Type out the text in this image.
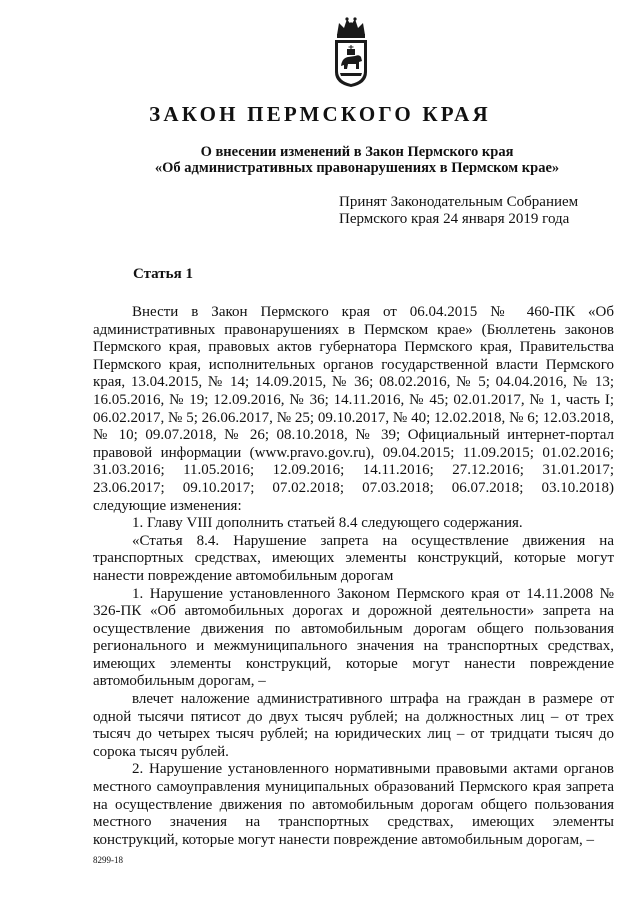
ЗАКОН ПЕРМСКОГО КРАЯ
О внесении изменений в Закон Пермского края
«Об административных правонарушениях в Пермском крае»
Принят Законодательным Собранием
Пермского края 24 января 2019 года
Статья 1

Внести в Закон Пермского края от 06.04.2015 № 460-ПК «Об административных правонарушениях в Пермском крае» (Бюллетень законов Пермского края, правовых актов губернатора Пермского края, Правительства Пермского края, исполнительных органов государственной власти Пермского края, 13.04.2015, № 14; 14.09.2015, № 36; 08.02.2016, № 5; 04.04.2016, № 13; 16.05.2016, № 19; 12.09.2016, № 36; 14.11.2016, № 45; 02.01.2017, № 1, часть I; 06.02.2017, № 5; 26.06.2017, № 25; 09.10.2017, № 40; 12.02.2018, № 6; 12.03.2018, № 10; 09.07.2018, № 26; 08.10.2018, № 39; Официальный интернет-портал правовой информации (www.pravo.gov.ru), 09.04.2015; 11.09.2015; 01.02.2016; 31.03.2016; 11.05.2016; 12.09.2016; 14.11.2016; 27.12.2016; 31.01.2017; 23.06.2017; 09.10.2017; 07.02.2018; 07.03.2018; 06.07.2018; 03.10.2018) следующие изменения:

1. Главу VIII дополнить статьей 8.4 следующего содержания.

«Статья 8.4. Нарушение запрета на осуществление движения на транспортных средствах, имеющих элементы конструкций, которые могут нанести повреждение автомобильным дорогам

1. Нарушение установленного Законом Пермского края от 14.11.2008 № 326-ПК «Об автомобильных дорогах и дорожной деятельности» запрета на осуществление движения по автомобильным дорогам общего пользования регионального и межмуниципального значения на транспортных средствах, имеющих элементы конструкций, которые могут нанести повреждение автомобильным дорогам, –

влечет наложение административного штрафа на граждан в размере от одной тысячи пятисот до двух тысяч рублей; на должностных лиц – от трех тысяч до четырех тысяч рублей; на юридических лиц – от тридцати тысяч до сорока тысяч рублей.

2. Нарушение установленного нормативными правовыми актами органов местного самоуправления муниципальных образований Пермского края запрета на осуществление движения по автомобильным дорогам общего пользования местного значения на транспортных средствах, имеющих элементы конструкций, которые могут нанести повреждение автомобильным дорогам, –

8299-18
